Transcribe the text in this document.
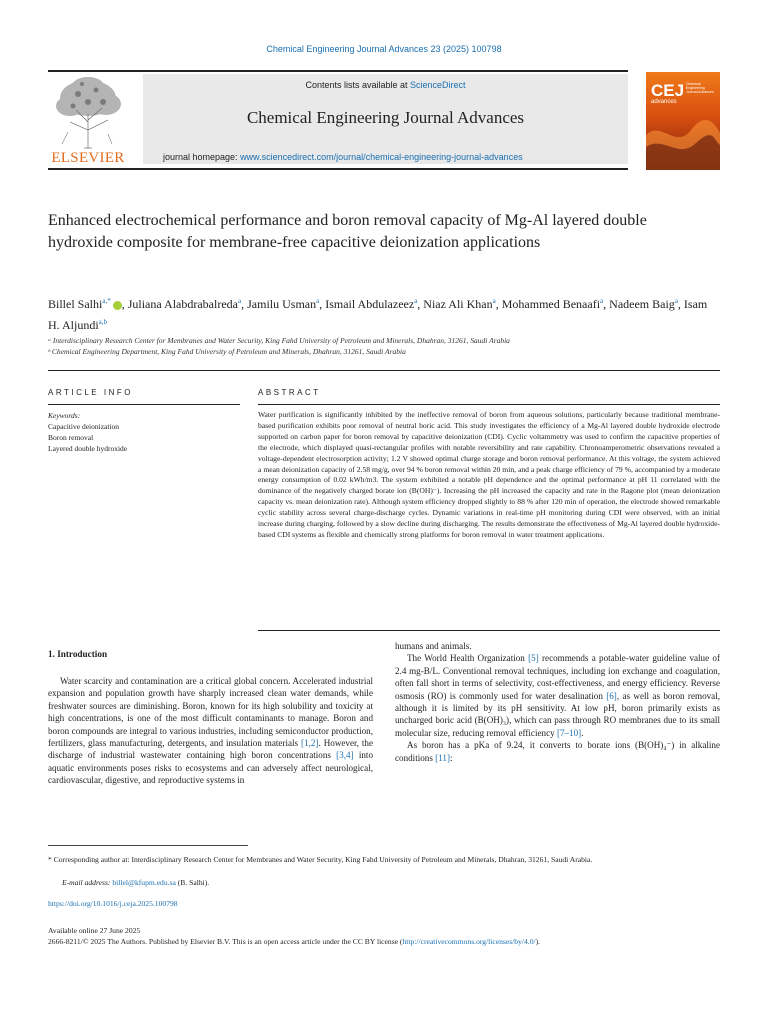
Chemical Engineering Journal Advances 23 (2025) 100798
ELSEVIER
Contents lists available at ScienceDirect
Chemical Engineering Journal Advances
journal homepage: www.sciencedirect.com/journal/chemical-engineering-journal-advances
CEJ
advances
Chemical Engineering Journal Advances
Enhanced electrochemical performance and boron removal capacity of Mg-Al layered double hydroxide composite for membrane-free capacitive deionization applications
Billel Salhi$^{a,*}$ , Juliana Alabdrabalreda$^a$, Jamilu Usman$^a$, Ismail Abdulazeez$^a$, Niaz Ali Khan$^a$, Mohammed Benaafi$^a$, Nadeem Baig$^a$, Isam H. Aljundi$^{a,b}$
ᵃ Interdisciplinary Research Center for Membranes and Water Security, King Fahd University of Petroleum and Minerals, Dhahran, 31261, Saudi Arabia
ᵇ Chemical Engineering Department, King Fahd University of Petroleum and Minerals, Dhahran, 31261, Saudi Arabia
ARTICLE INFO	ABSTRACT
Keywords:
Capacitive deionization
Boron removal
Layered double hydroxide
Water purification is significantly inhibited by the ineffective removal of boron from aqueous solutions, particularly because traditional membrane-based purification exhibits poor removal of neutral boric acid. This study investigates the efficiency of a Mg-Al layered double hydroxide electrode supported on carbon paper for boron removal by capacitive deionization (CDI). Cyclic voltammetry was used to confirm the capacitive properties of the electrode, which displayed quasi-rectangular profiles with notable reversibility and rate capability. Chronoamperometric observations revealed a voltage-dependent electrosorption activity; 1.2 V showed optimal charge storage and boron removal performance. At this voltage, the system achieved a mean deionization capacity of 2.58 mg/g, over 94 % boron removal within 20 min, and a peak charge efficiency of 79 %, accompanied by a moderate energy consumption of 0.02 kWh/m3. The system exhibited a notable pH dependence and the optimal performance at pH 11 correlated with the dominance of the negatively charged borate ion (B(OH)⁻). Increasing the pH increased the capacity and rate in the Ragone plot (mean deionization capacity vs. mean deionization rate). Although system efficiency dropped slightly to 88 % after 120 min of operation, the electrode showed remarkable cyclic stability across several charge-discharge cycles. Dynamic variations in real-time pH monitoring during CDI were observed, with an initial increase during charging, followed by a slow decline during discharging. The results demonstrate the effectiveness of Mg-Al layered double hydroxide-based CDI systems as flexible and chemically strong platforms for boron removal in water treatment applications.
1. Introduction

Water scarcity and contamination are a critical global concern. Accelerated industrial expansion and population growth have sharply increased clean water demands, while freshwater sources are diminishing. Boron, known for its high solubility and toxicity at high concentrations, is one of the most difficult contaminants to manage. Boron and boron compounds are integral to various industries, including semiconductor production, fertilizers, glass manufacturing, detergents, and insulation materials [1,2]. However, the discharge of industrial wastewater containing high boron concentrations [3,4] into aquatic environments poses risks to ecosystems and can adversely affect neurological, cardiovascular, digestive, and reproductive systems in

humans and animals.

The World Health Organization [5] recommends a potable-water guideline value of 2.4 mg-B/L. Conventional removal techniques, including ion exchange and coagulation, often fall short in terms of selectivity, cost-effectiveness, and energy efficiency. Reverse osmosis (RO) is commonly used for water desalination [6], as well as boron removal, although it is limited by its pH sensitivity. At low pH, boron primarily exists as uncharged boric acid (B(OH)₃), which can pass through RO membranes due to its small molecular size, reducing removal efficiency [7–10].

As boron has a pKa of 9.24, it converts to borate ions (B(OH)₄⁻) in alkaline conditions [11]:

* Corresponding author at: Interdisciplinary Research Center for Membranes and Water Security, King Fahd University of Petroleum and Minerals, Dhahran, 31261, Saudi Arabia.
E-mail address: billel@kfupm.edu.sa (B. Salhi).
https://doi.org/10.1016/j.ceja.2025.100798
Available online 27 June 2025
2666-8211/© 2025 The Authors. Published by Elsevier B.V. This is an open access article under the CC BY license (http://creativecommons.org/licenses/by/4.0/).
